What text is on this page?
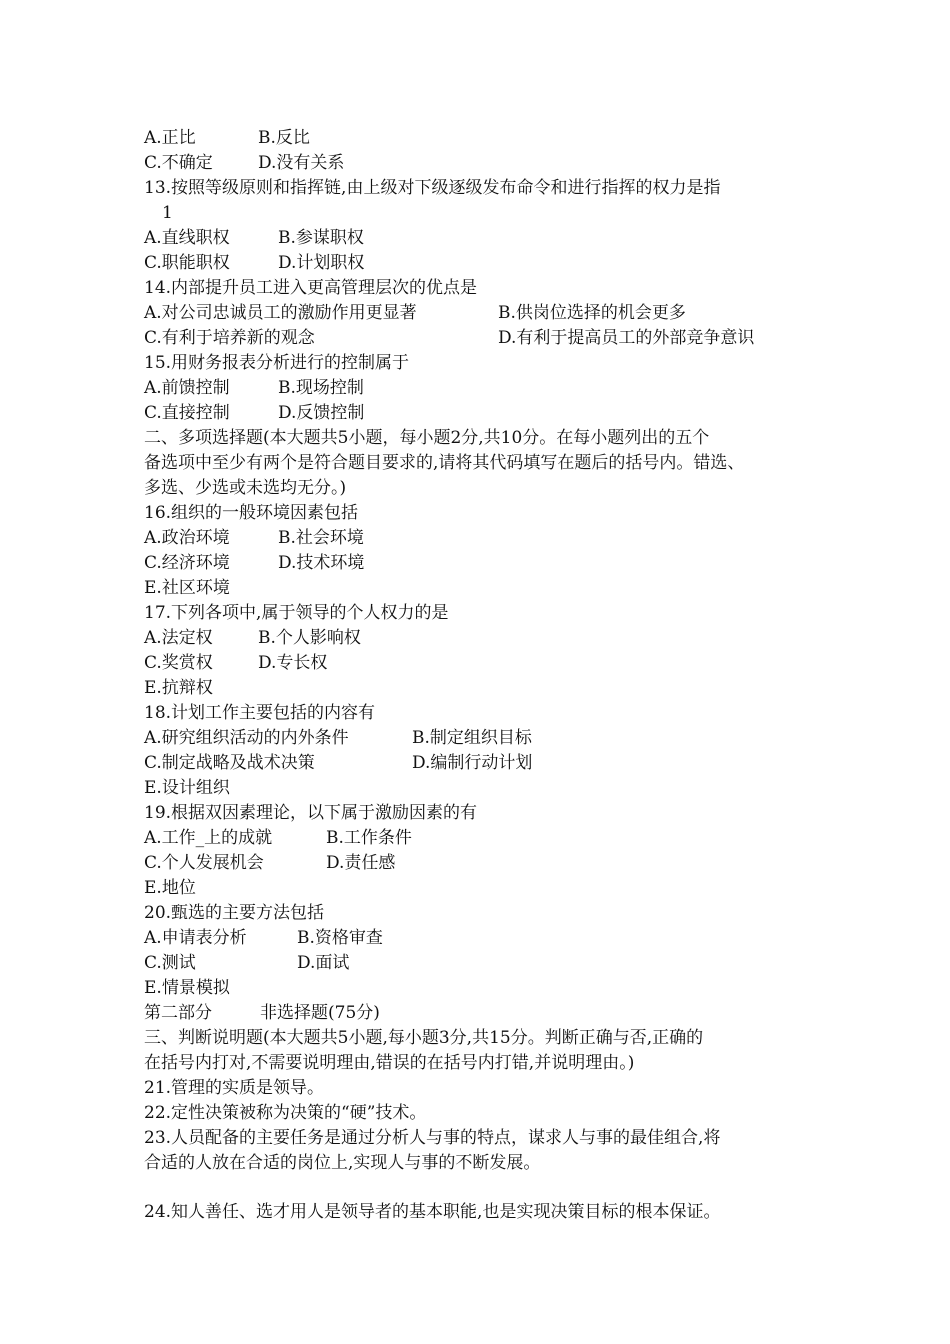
A.正比	B.反比
C.不确定	D.没有关系
13.按照等级原则和指挥链,由上级对下级逐级发布命令和进行指挥的权力是指
1
A.直线职权	B.参谋职权
C.职能职权	D.计划职权
14.内部提升员工进入更高管理层次的优点是
A.对公司忠诚员工的激励作用更显著	B.供岗位选择的机会更多
C.有利于培养新的观念	D.有利于提高员工的外部竞争意识
15.用财务报表分析进行的控制属于
A.前馈控制	B.现场控制
C.直接控制	D.反馈控制
二、多项选择题(本大题共5小题，每小题2分,共10分。在每小题列出的五个
备选项中至少有两个是符合题目要求的,请将其代码填写在题后的括号内。错选、
多选、少选或未选均无分。)
16.组织的一般环境因素包括
A.政治环境	B.社会环境
C.经济环境	D.技术环境
E.社区环境
17.下列各项中,属于领导的个人权力的是
A.法定权	B.个人影响权
C.奖赏权	D.专长权
E.抗辩权
18.计划工作主要包括的内容有
A.研究组织活动的内外条件	B.制定组织目标
C.制定战略及战术决策	D.编制行动计划
E.设计组织
19.根据双因素理论，以下属于激励因素的有
A.工作_上的成就	B.工作条件
C.个人发展机会	D.责任感
E.地位
20.甄选的主要方法包括
A.申请表分析	B.资格审查
C.测试	D.面试
E.情景模拟
第二部分	非选择题(75分)
三、判断说明题(本大题共5小题,每小题3分,共15分。判断正确与否,正确的
在括号内打对,不需要说明理由,错误的在括号内打错,并说明理由。)
21.管理的实质是领导。
22.定性决策被称为决策的“硬”技术。
23.人员配备的主要任务是通过分析人与事的特点，谋求人与事的最佳组合,将
合适的人放在合适的岗位上,实现人与事的不断发展。
24.知人善任、选才用人是领导者的基本职能,也是实现决策目标的根本保证。
